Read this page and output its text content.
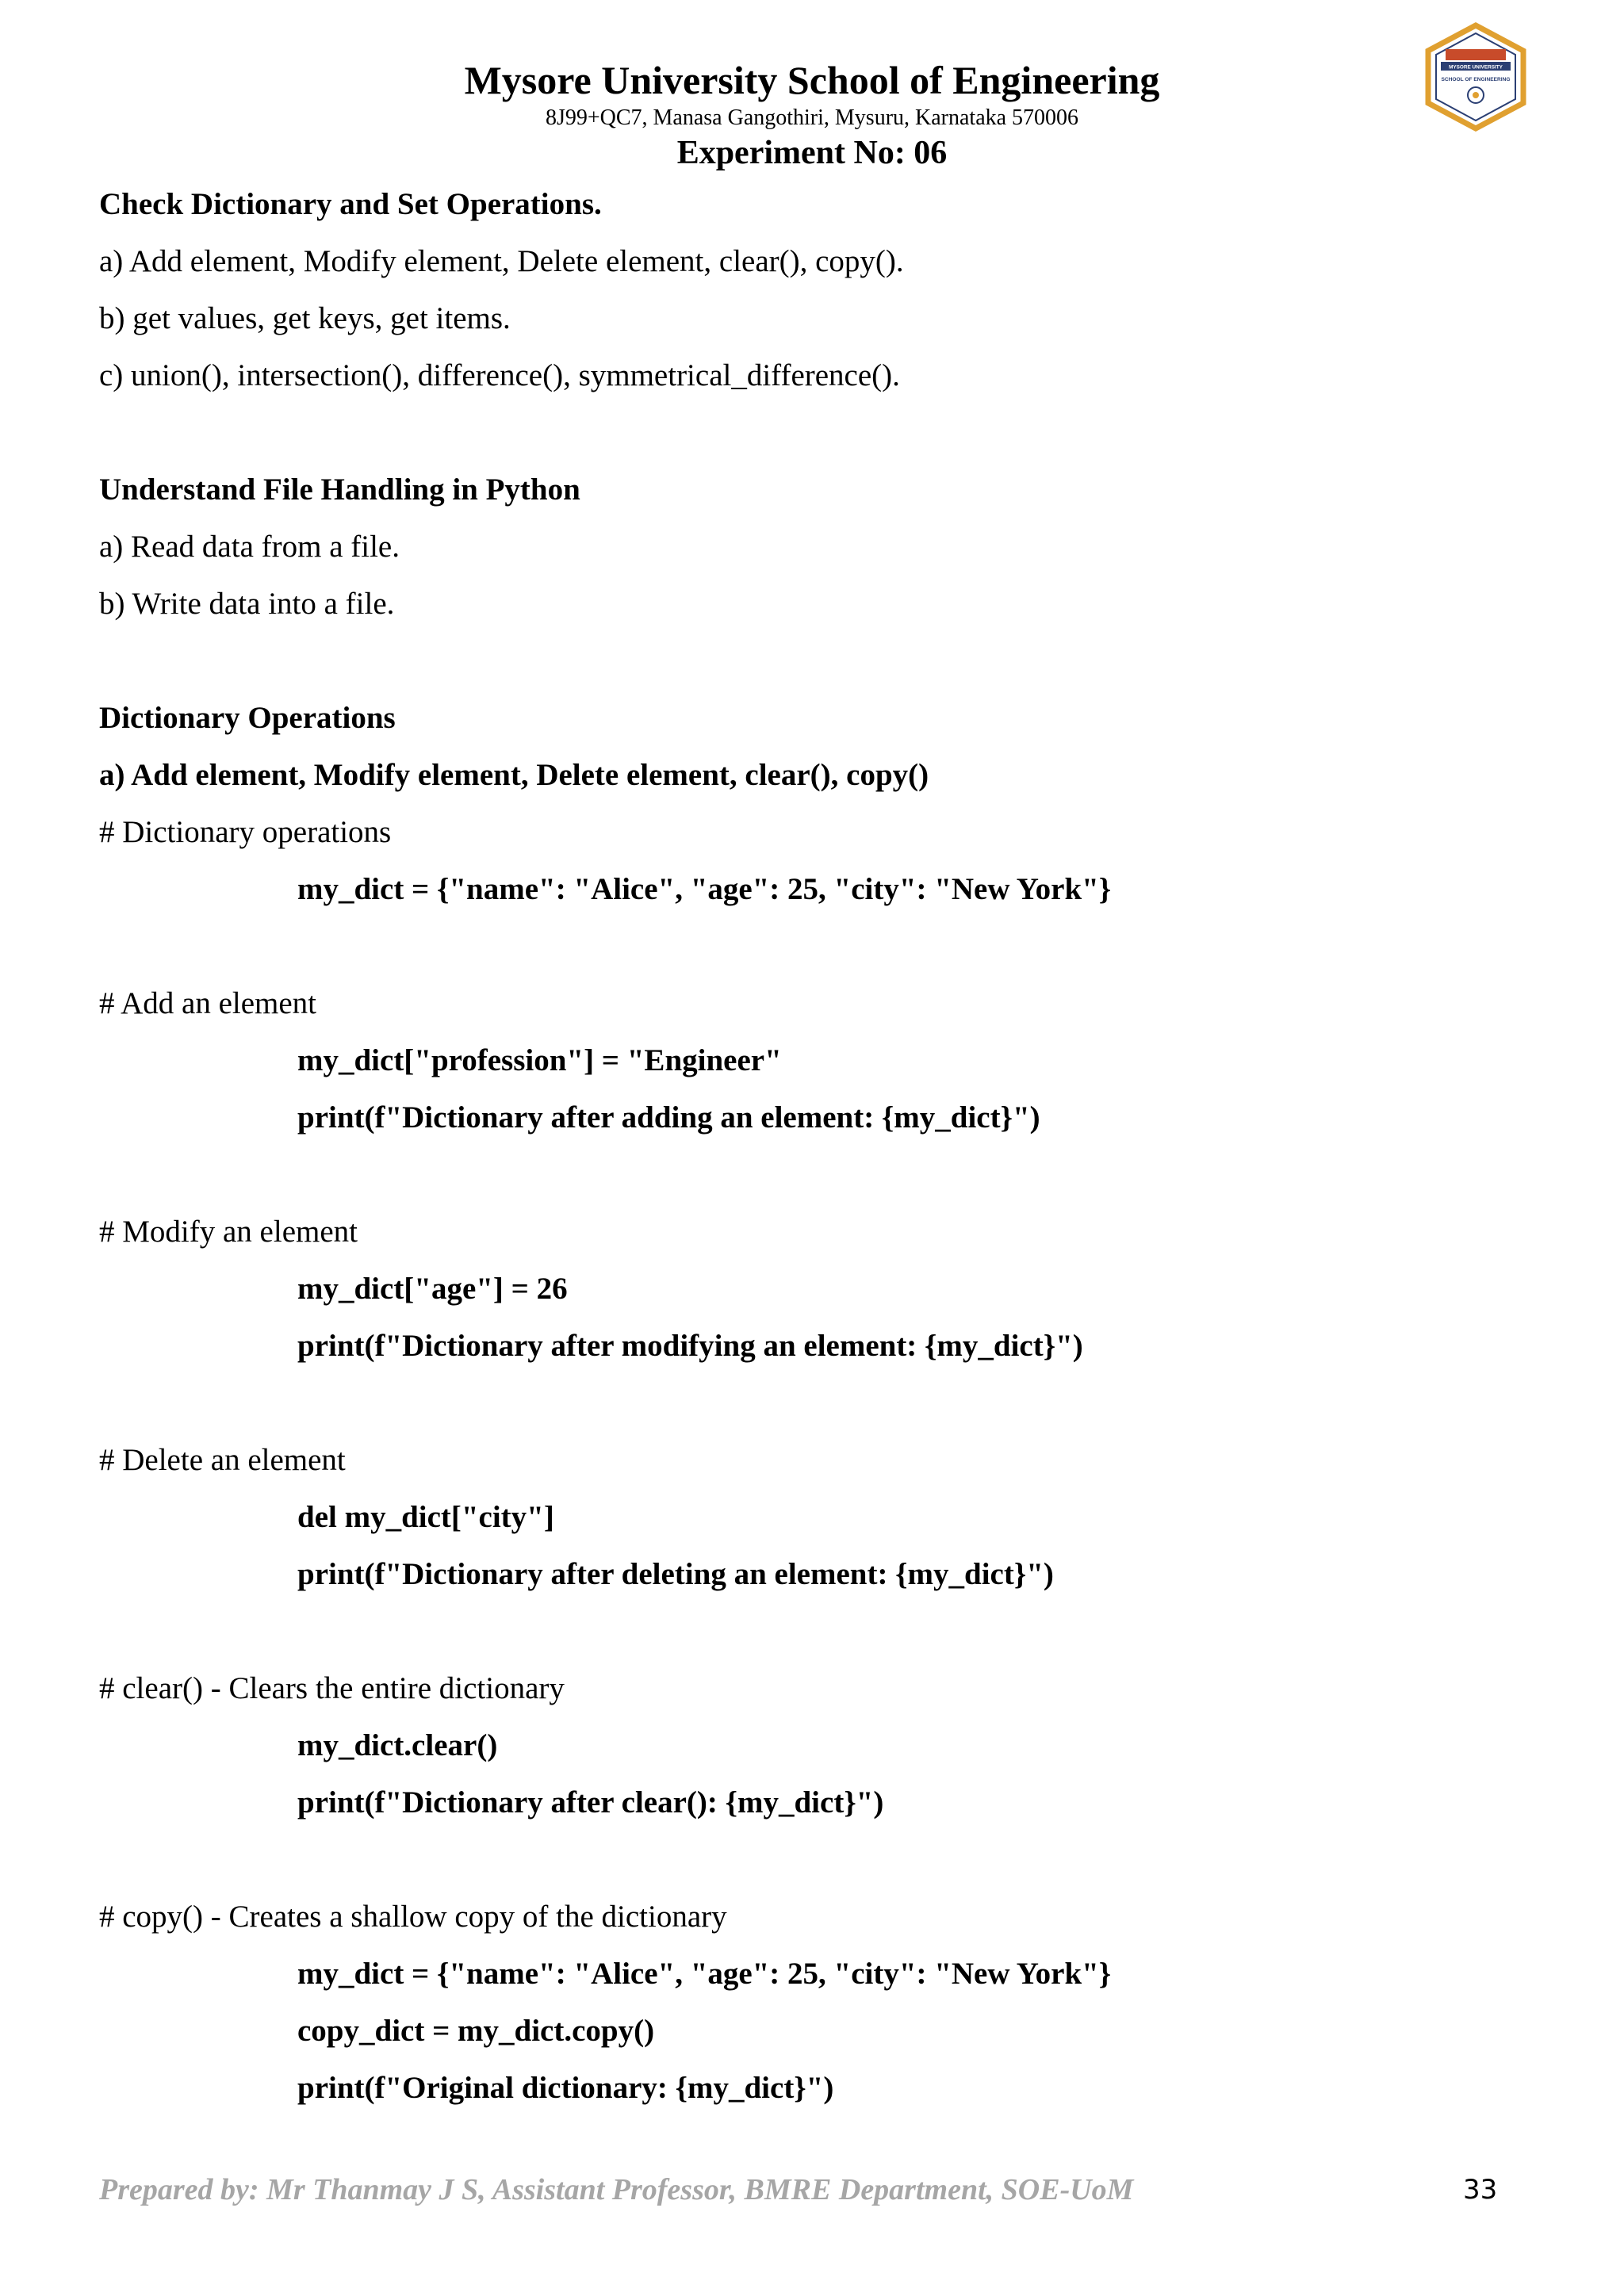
Mysore University School of Engineering
8J99+QC7, Manasa Gangothiri, Mysuru, Karnataka 570006
Experiment No: 06
MYSORE UNIVERSITY
SCHOOL OF ENGINEERING
Check Dictionary and Set Operations.
a) Add element, Modify element, Delete element, clear(), copy().
b) get values, get keys, get items.
c) union(), intersection(), difference(), symmetrical_difference().
Understand File Handling in Python
a) Read data from a file.
b) Write data into a file.
Dictionary Operations
a) Add element, Modify element, Delete element, clear(), copy()
# Dictionary operations
my_dict = {"name": "Alice", "age": 25, "city": "New York"}
# Add an element
my_dict["profession"] = "Engineer"
print(f"Dictionary after adding an element: {my_dict}")
# Modify an element
my_dict["age"] = 26
print(f"Dictionary after modifying an element: {my_dict}")
# Delete an element
del my_dict["city"]
print(f"Dictionary after deleting an element: {my_dict}")
# clear() - Clears the entire dictionary
my_dict.clear()
print(f"Dictionary after clear(): {my_dict}")
# copy() - Creates a shallow copy of the dictionary
my_dict = {"name": "Alice", "age": 25, "city": "New York"}
copy_dict = my_dict.copy()
print(f"Original dictionary: {my_dict}")
Prepared by: Mr Thanmay J S, Assistant Professor, BMRE Department, SOE-UoM	33
